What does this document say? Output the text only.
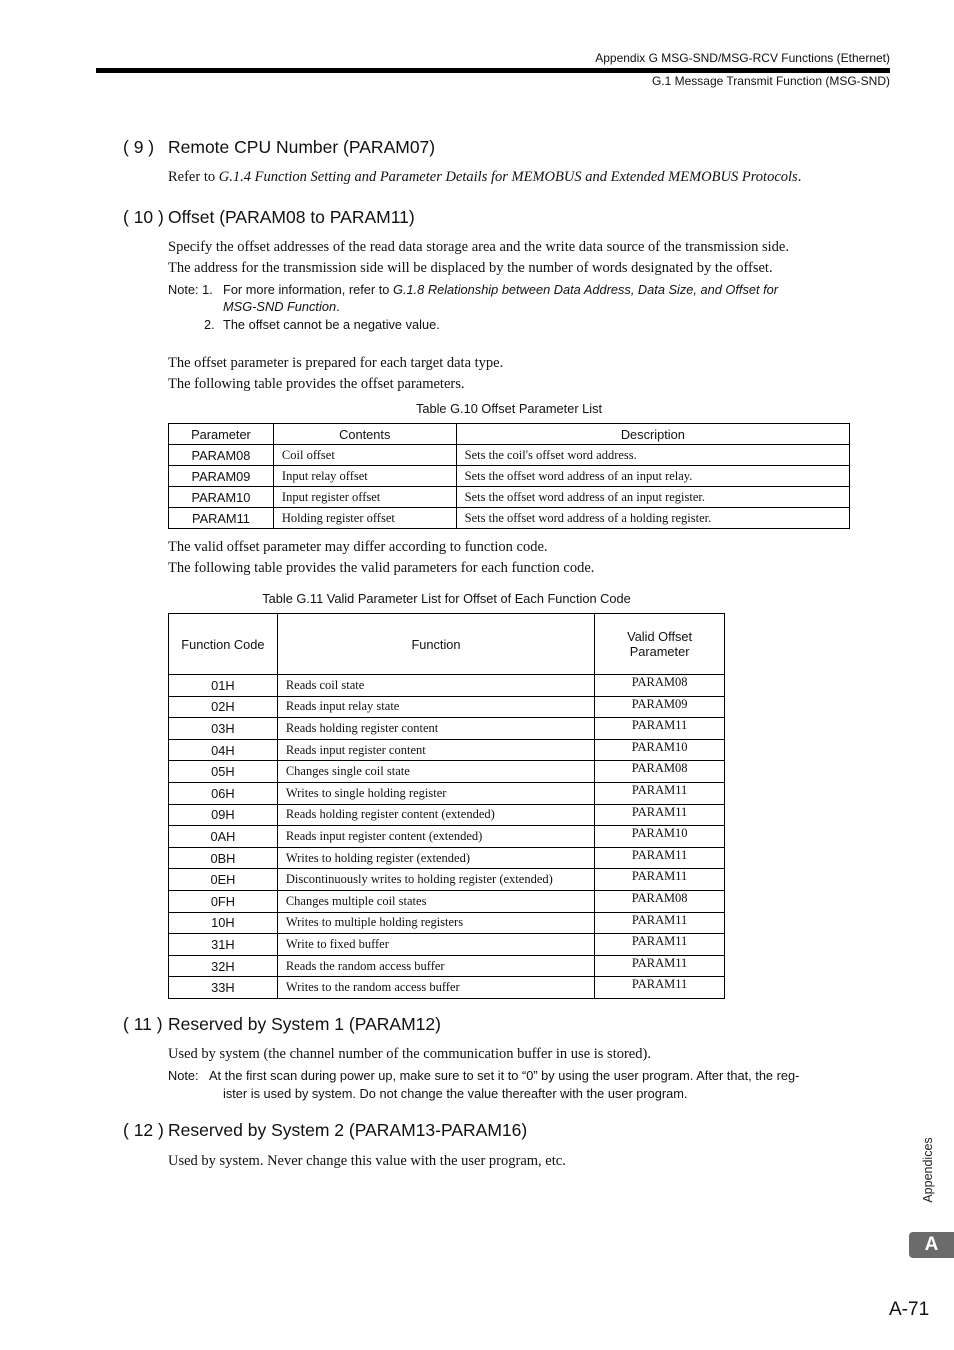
Appendix G MSG-SND/MSG-RCV Functions (Ethernet)
G.1 Message Transmit Function (MSG-SND)
( 9 ) Remote CPU Number (PARAM07)
Refer to G.1.4 Function Setting and Parameter Details for MEMOBUS and Extended MEMOBUS Protocols.
( 10 ) Offset (PARAM08 to PARAM11)
Specify the offset addresses of the read data storage area and the write data source of the transmission side.
The address for the transmission side will be displaced by the number of words designated by the offset.
Note: 1. For more information, refer to G.1.8 Relationship between Data Address, Data Size, and Offset for
MSG-SND Function.
2. The offset cannot be a negative value.
The offset parameter is prepared for each target data type.
The following table provides the offset parameters.
Table G.10 Offset Parameter List
Parameter	Contents	Description
PARAM08	Coil offset	Sets the coil's offset word address.
PARAM09	Input relay offset	Sets the offset word address of an input relay.
PARAM10	Input register offset	Sets the offset word address of an input register.
PARAM11	Holding register offset	Sets the offset word address of a holding register.
The valid offset parameter may differ according to function code.
The following table provides the valid parameters for each function code.
Table G.11 Valid Parameter List for Offset of Each Function Code
Function Code	Function	Valid Offset
Parameter
01H	Reads coil state	PARAM08
02H	Reads input relay state	PARAM09
03H	Reads holding register content	PARAM11
04H	Reads input register content	PARAM10
05H	Changes single coil state	PARAM08
06H	Writes to single holding register	PARAM11
09H	Reads holding register content (extended)	PARAM11
0AH	Reads input register content (extended)	PARAM10
0BH	Writes to holding register (extended)	PARAM11
0EH	Discontinuously writes to holding register (extended)	PARAM11
0FH	Changes multiple coil states	PARAM08
10H	Writes to multiple holding registers	PARAM11
31H	Write to fixed buffer	PARAM11
32H	Reads the random access buffer	PARAM11
33H	Writes to the random access buffer	PARAM11
( 11 ) Reserved by System 1 (PARAM12)
Used by system (the channel number of the communication buffer in use is stored).
Note: At the first scan during power up, make sure to set it to “0” by using the user program. After that, the reg-
ister is used by system. Do not change the value thereafter with the user program.
( 12 ) Reserved by System 2 (PARAM13-PARAM16)
Used by system. Never change this value with the user program, etc.	Appendices
A
A-71
